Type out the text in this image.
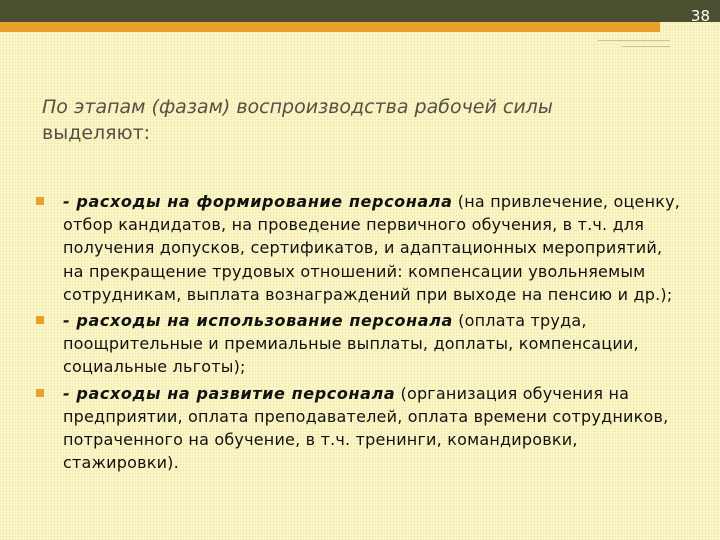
38
По этапам (фазам) воспроизводства рабочей силы
выделяют:
- расходы на формирование персонала (на привлечение, оценку, отбор кандидатов, на проведение первичного обучения, в т.ч. для получения допусков, сертификатов, и адаптационных мероприятий, на прекращение трудовых отношений: компенсации увольняемым сотрудникам, выплата вознаграждений при выходе на пенсию и др.);
- расходы на использование персонала (оплата труда, поощрительные и премиальные выплаты, доплаты, компенсации, социальные льготы);
- расходы на развитие персонала (организация обучения на предприятии, оплата преподавателей, оплата времени сотрудников, потраченного на обучение, в т.ч. тренинги, командировки, стажировки).
